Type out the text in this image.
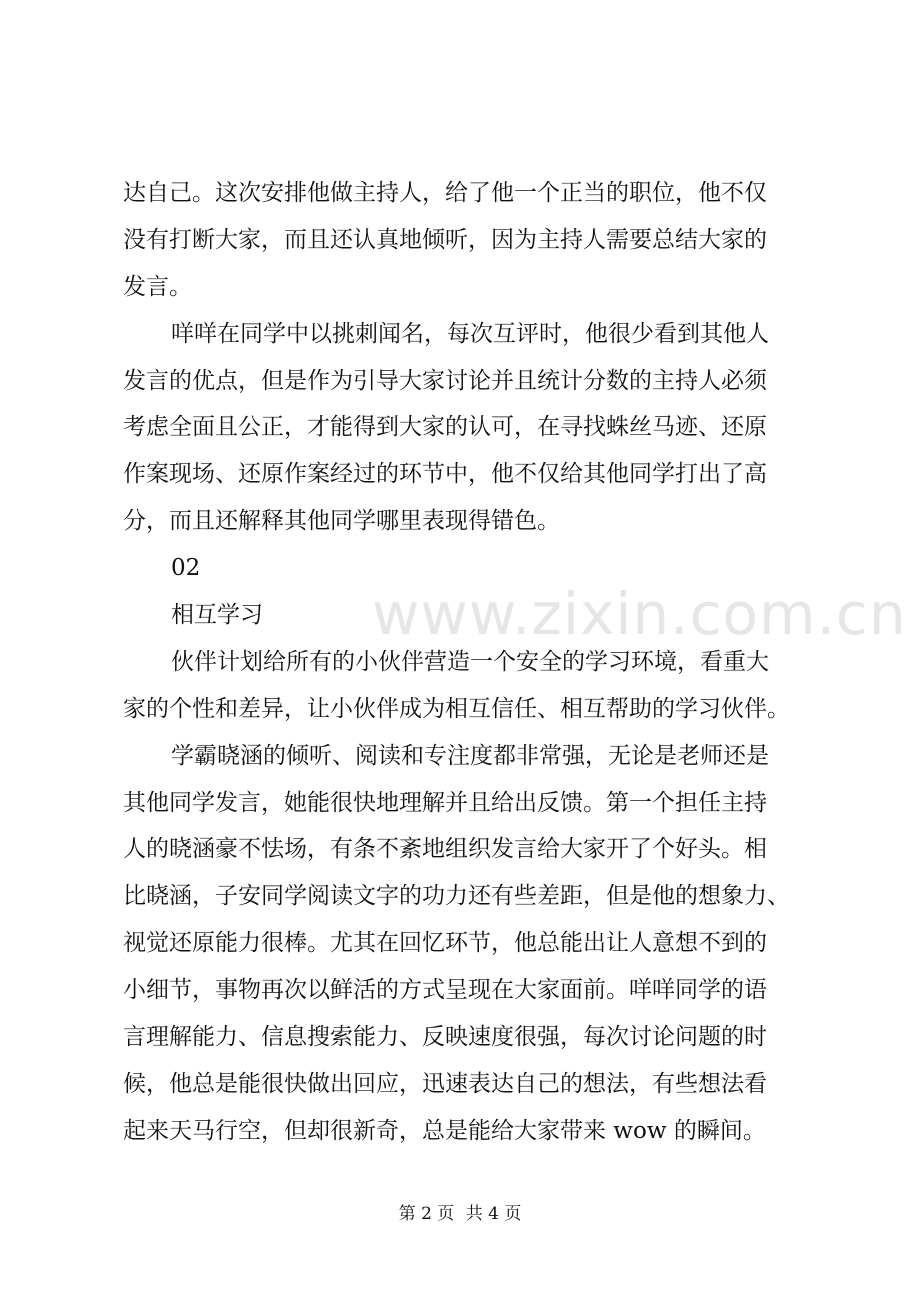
www.zixin.com.cn
达自己。这次安排他做主持人，给了他一个正当的职位，他不仅
没有打断大家，而且还认真地倾听，因为主持人需要总结大家的
发言。
咩咩在同学中以挑刺闻名，每次互评时，他很少看到其他人
发言的优点，但是作为引导大家讨论并且统计分数的主持人必须
考虑全面且公正，才能得到大家的认可，在寻找蛛丝马迹、还原
作案现场、还原作案经过的环节中，他不仅给其他同学打出了高
分，而且还解释其他同学哪里表现得错色。
02
相互学习
伙伴计划给所有的小伙伴营造一个安全的学习环境，看重大
家的个性和差异，让小伙伴成为相互信任、相互帮助的学习伙伴。
学霸晓涵的倾听、阅读和专注度都非常强，无论是老师还是
其他同学发言，她能很快地理解并且给出反馈。第一个担任主持
人的晓涵豪不怯场，有条不紊地组织发言给大家开了个好头。相
比晓涵，子安同学阅读文字的功力还有些差距，但是他的想象力、
视觉还原能力很棒。尤其在回忆环节，他总能出让人意想不到的
小细节，事物再次以鲜活的方式呈现在大家面前。咩咩同学的语
言理解能力、信息搜索能力、反映速度很强，每次讨论问题的时
候，他总是能很快做出回应，迅速表达自己的想法，有些想法看
起来天马行空，但却很新奇，总是能给大家带来 wow 的瞬间。
第 2 页 共 4 页
